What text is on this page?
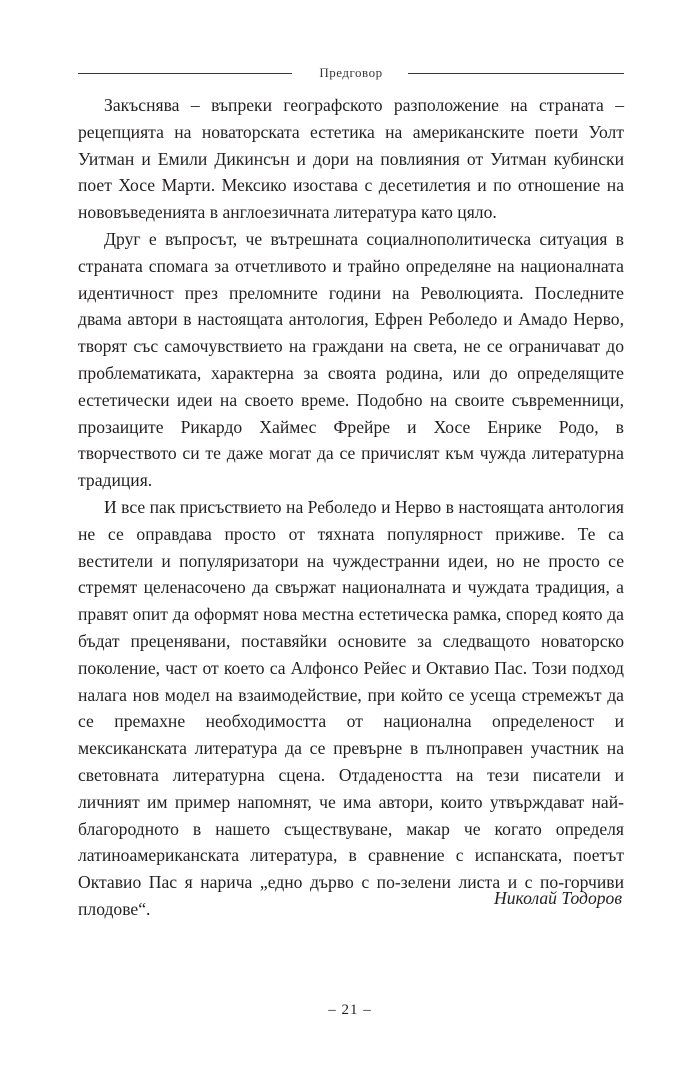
Предговор

Закъснява – въпреки географското разположение на страната – рецепцията на новаторската естетика на американските поети Уолт Уитман и Емили Дикинсън и дори на повлияния от Уитман кубински поет Хосе Марти. Мексико изостава с десетилетия и по отношение на нововъведенията в англоезичната литература като цяло.

Друг е въпросът, че вътрешната социалнополитическа ситуация в страната спомага за отчетливото и трайно определяне на националната идентичност през преломните години на Революцията. Последните двама автори в настоящата антология, Ефрен Реболедо и Амадо Нерво, творят със самочувствието на граждани на света, не се ограничават до проблематиката, характерна за своята родина, или до определящите естетически идеи на своето време. Подобно на своите съвременници, прозаиците Рикардо Хаймес Фрейре и Хосе Енрике Родо, в творчеството си те даже могат да се причислят към чужда литературна традиция.

И все пак присъствието на Реболедо и Нерво в настоящата антология не се оправдава просто от тяхната популярност приживе. Те са вестители и популяризатори на чуждестранни идеи, но не просто се стремят целенасочено да свържат националната и чуждата традиция, а правят опит да оформят нова местна естетическа рамка, според която да бъдат преценявани, поставяйки основите за следващото новаторско поколение, част от което са Алфонсо Рейес и Октавио Пас. Този подход налага нов модел на взаимодействие, при който се усеща стремежът да се премахне необходимостта от национална определеност и мексиканската литература да се превърне в пълноправен участник на световната литературна сцена. Отдадеността на тези писатели и личният им пример напомнят, че има автори, които утвърждават най-благородното в нашето съществуване, макар че когато определя латиноамериканската литература, в сравнение с испанската, поетът Октавио Пас я нарича „едно дърво с по-зелени листа и с по-горчиви плодове“.

Николай Тодоров
– 21 –
